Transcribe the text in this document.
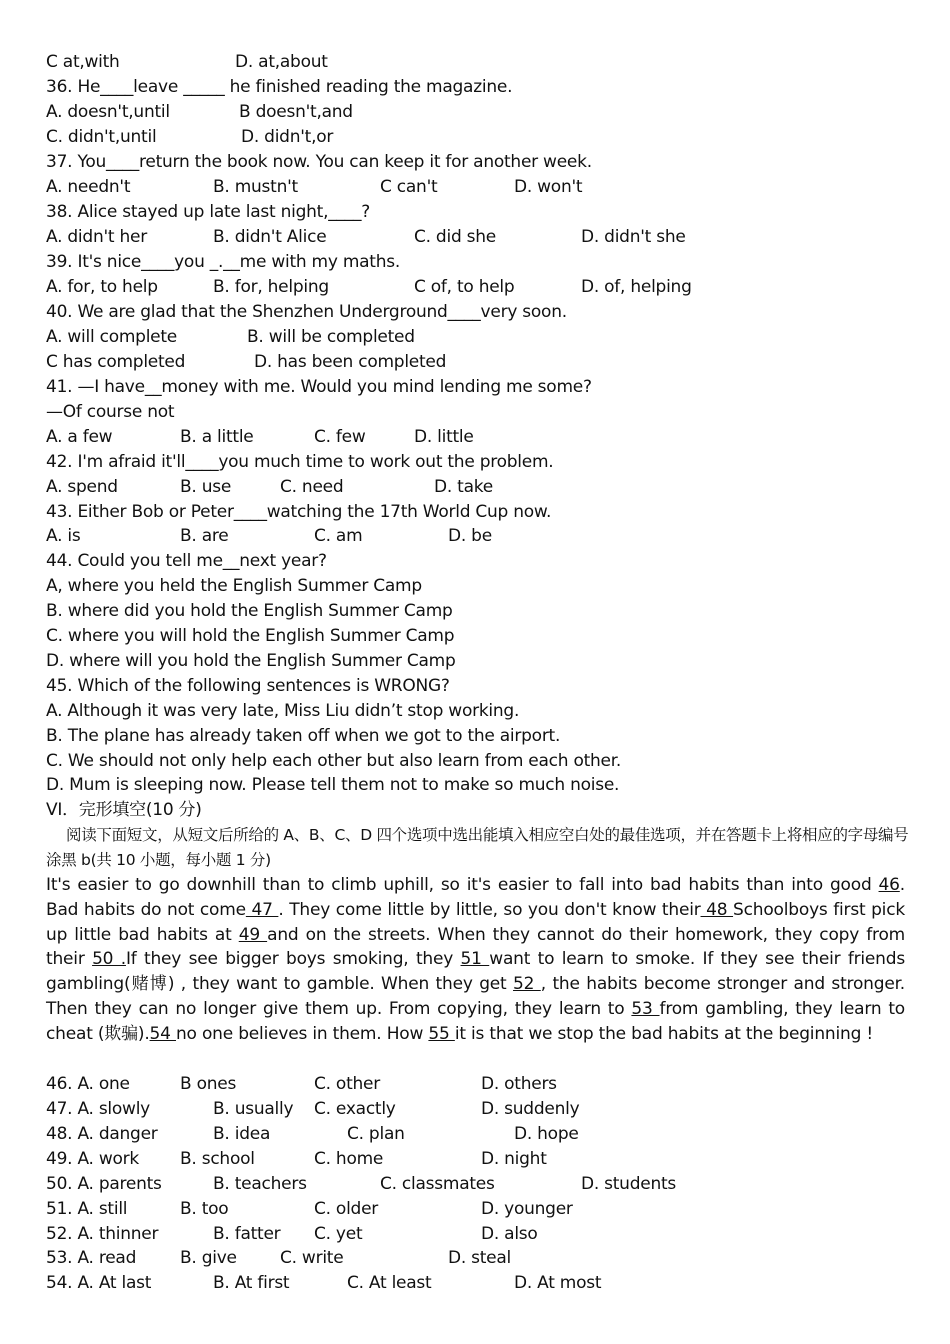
C at,with	D. at,about
36. He____leave _____ he finished reading the magazine.
A. doesn't,until	B doesn't,and
C. didn't,until	D. didn't,or
37. You____return the book now. You can keep it for another week.
A. needn't	B. mustn't	C can't	D. won't
38. Alice stayed up late last night,____?
A. didn't her	B. didn't Alice	C. did she	D. didn't she
39. It's nice____you _.__me with my maths.
A. for, to help	B. for, helping	C of, to help	D. of, helping
40. We are glad that the Shenzhen Underground____very soon.
A. will complete	B. will be completed
C has completed	D. has been completed
41. —I have__money with me. Would you mind lending me some?
—Of course not
A. a few	B. a little	C. few	D. little
42. I'm afraid it'll____you much time to work out the problem.
A. spend	B. use	C. need	D. take
43. Either Bob or Peter____watching the 17th World Cup now.
A. is	B. are	C. am	D. be
44. Could you tell me__next year?
A, where you held the English Summer Camp
B. where did you hold the English Summer Camp
C. where you will hold the English Summer Camp
D. where will you hold the English Summer Camp
45. Which of the following sentences is WRONG?
A. Although it was very late, Miss Liu didn’t stop working.
B. The plane has already taken off when we got to the airport.
C. We should not only help each other but also learn from each other.
D. Mum is sleeping now. Please tell them not to make so much noise.
VI．完形填空(10 分)
阅读下面短文，从短文后所给的 A、B、C、D 四个选项中选出能填入相应空白处的最佳选项，并在答题卡上将相应的字母编号涂黑 b(共 10 小题，每小题 1 分)
It's easier to go downhill than to climb uphill, so it's easier to fall into bad habits than into good 46. Bad habits do not come 47 . They come little by little, so you don't know their 48 Schoolboys first pick up little bad habits at 49 and on the streets. When they cannot do their homework, they copy from their 50 .If they see bigger boys smoking, they 51 want to learn to smoke. If they see their friends gambling(赌博) , they want to gamble. When they get 52 , the habits become stronger and stronger. Then they can no longer give them up. From copying, they learn to 53 from gambling, they learn to cheat (欺骗).54 no one believes in them. How 55 it is that we stop the bad habits at the beginning !
46. A. one	B ones	C. other	D. others
47. A. slowly	B. usually C. exactly	D. suddenly
48. A. danger	B. idea	C. plan	D. hope
49. A. work B. school	C. home	D. night
50. A. parents	B. teachers	C. classmates	D. students
51. A. still	B. too	C. older	D. younger
52. A. thinner	B. fatter C. yet	D. also
53. A. read	B. give	C. write	D. steal
54. A. At last	B. At first	C. At least	D. At most
